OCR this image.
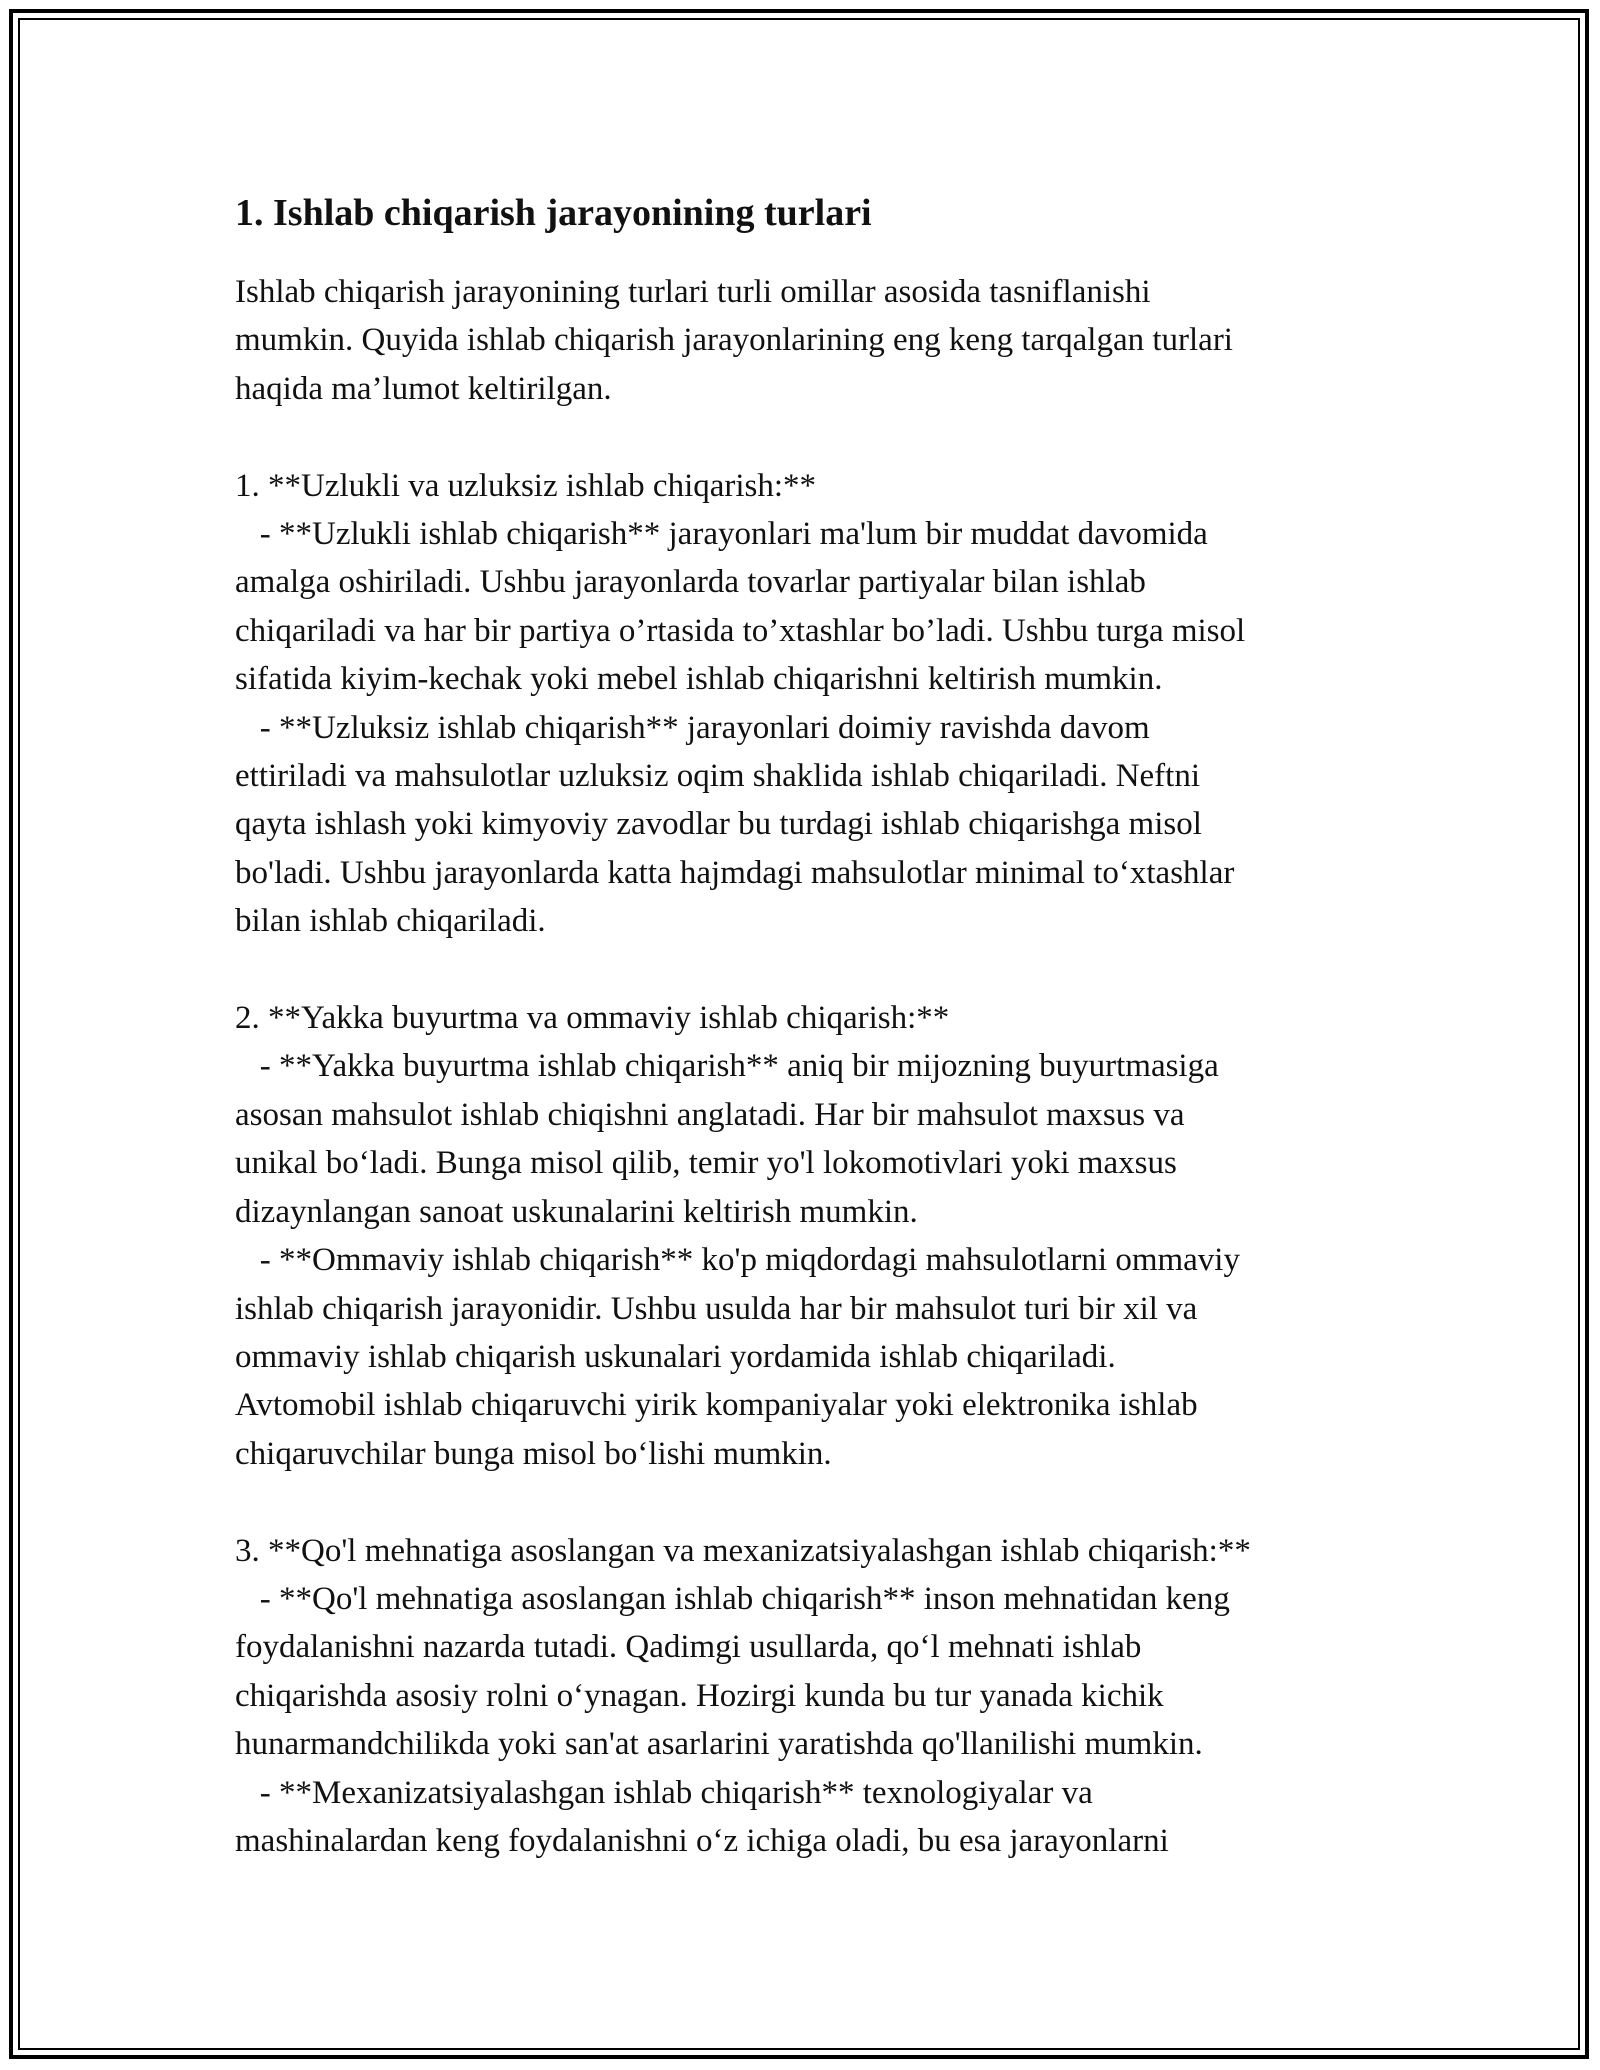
1. Ishlab chiqarish jarayonining turlari
Ishlab chiqarish jarayonining turlari turli omillar asosida tasniflanishi
mumkin. Quyida ishlab chiqarish jarayonlarining eng keng tarqalgan turlari
haqida ma’lumot keltirilgan.
1. **Uzlukli va uzluksiz ishlab chiqarish:**
- **Uzlukli ishlab chiqarish** jarayonlari ma'lum bir muddat davomida
amalga oshiriladi. Ushbu jarayonlarda tovarlar partiyalar bilan ishlab
chiqariladi va har bir partiya o’rtasida to’xtashlar bo’ladi. Ushbu turga misol
sifatida kiyim-kechak yoki mebel ishlab chiqarishni keltirish mumkin.
- **Uzluksiz ishlab chiqarish** jarayonlari doimiy ravishda davom
ettiriladi va mahsulotlar uzluksiz oqim shaklida ishlab chiqariladi. Neftni
qayta ishlash yoki kimyoviy zavodlar bu turdagi ishlab chiqarishga misol
bo'ladi. Ushbu jarayonlarda katta hajmdagi mahsulotlar minimal to‘xtashlar
bilan ishlab chiqariladi.
2. **Yakka buyurtma va ommaviy ishlab chiqarish:**
- **Yakka buyurtma ishlab chiqarish** aniq bir mijozning buyurtmasiga
asosan mahsulot ishlab chiqishni anglatadi. Har bir mahsulot maxsus va
unikal bo‘ladi. Bunga misol qilib, temir yo'l lokomotivlari yoki maxsus
dizaynlangan sanoat uskunalarini keltirish mumkin.
- **Ommaviy ishlab chiqarish** ko'p miqdordagi mahsulotlarni ommaviy
ishlab chiqarish jarayonidir. Ushbu usulda har bir mahsulot turi bir xil va
ommaviy ishlab chiqarish uskunalari yordamida ishlab chiqariladi.
Avtomobil ishlab chiqaruvchi yirik kompaniyalar yoki elektronika ishlab
chiqaruvchilar bunga misol bo‘lishi mumkin.
3. **Qo'l mehnatiga asoslangan va mexanizatsiyalashgan ishlab chiqarish:**
- **Qo'l mehnatiga asoslangan ishlab chiqarish** inson mehnatidan keng
foydalanishni nazarda tutadi. Qadimgi usullarda, qo‘l mehnati ishlab
chiqarishda asosiy rolni o‘ynagan. Hozirgi kunda bu tur yanada kichik
hunarmandchilikda yoki san'at asarlarini yaratishda qo'llanilishi mumkin.
- **Mexanizatsiyalashgan ishlab chiqarish** texnologiyalar va
mashinalardan keng foydalanishni o‘z ichiga oladi, bu esa jarayonlarni
